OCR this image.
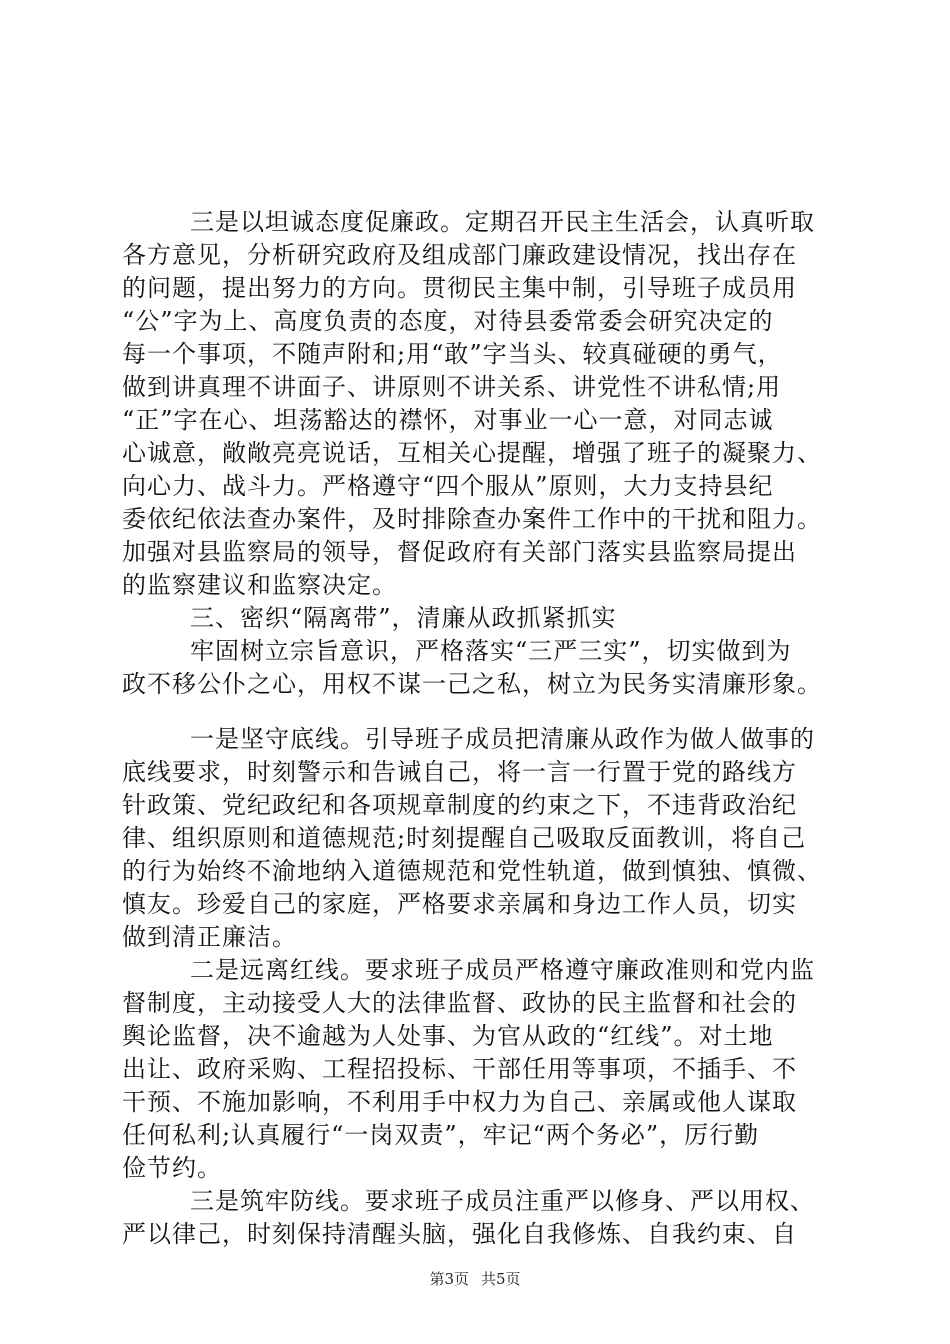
三是以坦诚态度促廉政。定期召开民主生活会，认真听取
各方意见，分析研究政府及组成部门廉政建设情况，找出存在
的问题，提出努力的方向。贯彻民主集中制，引导班子成员用
“公”字为上、高度负责的态度，对待县委常委会研究决定的
每一个事项，不随声附和;用“敢”字当头、较真碰硬的勇气，
做到讲真理不讲面子、讲原则不讲关系、讲党性不讲私情;用
“正”字在心、坦荡豁达的襟怀，对事业一心一意，对同志诚
心诚意，敞敞亮亮说话，互相关心提醒，增强了班子的凝聚力、
向心力、战斗力。严格遵守“四个服从”原则，大力支持县纪
委依纪依法查办案件，及时排除查办案件工作中的干扰和阻力。
加强对县监察局的领导，督促政府有关部门落实县监察局提出
的监察建议和监察决定。
三、密织“隔离带”，清廉从政抓紧抓实
牢固树立宗旨意识，严格落实“三严三实”，切实做到为
政不移公仆之心，用权不谋一己之私，树立为民务实清廉形象。
一是坚守底线。引导班子成员把清廉从政作为做人做事的
底线要求，时刻警示和告诫自己，将一言一行置于党的路线方
针政策、党纪政纪和各项规章制度的约束之下，不违背政治纪
律、组织原则和道德规范;时刻提醒自己吸取反面教训，将自己
的行为始终不渝地纳入道德规范和党性轨道，做到慎独、慎微、
慎友。珍爱自己的家庭，严格要求亲属和身边工作人员，切实
做到清正廉洁。
二是远离红线。要求班子成员严格遵守廉政准则和党内监
督制度，主动接受人大的法律监督、政协的民主监督和社会的
舆论监督，决不逾越为人处事、为官从政的“红线”。对土地
出让、政府采购、工程招投标、干部任用等事项，不插手、不
干预、不施加影响，不利用手中权力为自己、亲属或他人谋取
任何私利;认真履行“一岗双责”，牢记“两个务必”，厉行勤
俭节约。
三是筑牢防线。要求班子成员注重严以修身、严以用权、
严以律己，时刻保持清醒头脑，强化自我修炼、自我约束、自
第3页 共5页
